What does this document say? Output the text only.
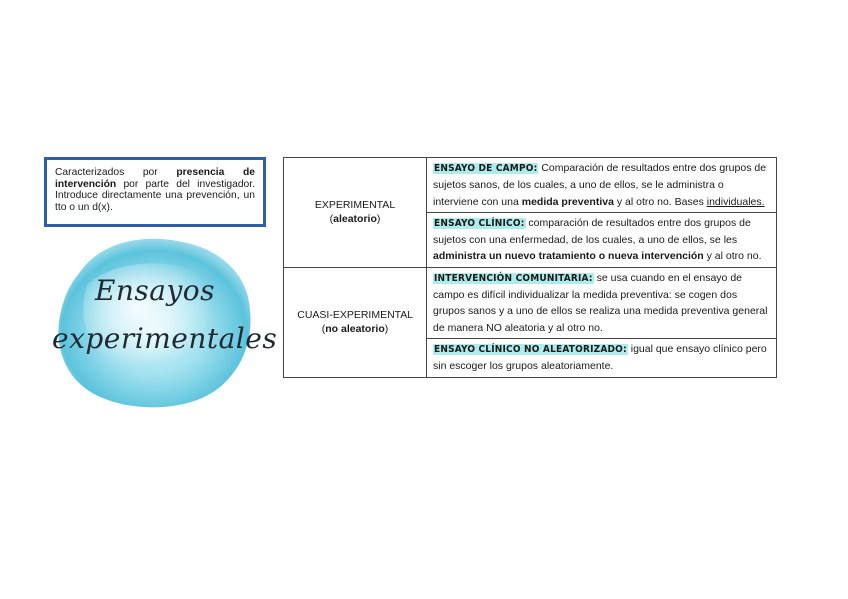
Caracterizados por presencia de intervención por parte del investigador. Introduce directamente una prevención, un tto o un d(x).
Ensayos
experimentales
EXPERIMENTAL
(aleatorio)	ENSAYO DE CAMPO: Comparación de resultados entre dos grupos de sujetos sanos, de los cuales, a uno de ellos, se le administra o interviene con una medida preventiva y al otro no. Bases individuales.
	ENSAYO CLÍNICO: comparación de resultados entre dos grupos de sujetos con una enfermedad, de los cuales, a uno de ellos, se les administra un nuevo tratamiento o nueva intervención y al otro no.
CUASI-EXPERIMENTAL (no aleatorio)	INTERVENCIÓN COMUNITARIA: se usa cuando en el ensayo de campo es difícil individualizar la medida preventiva: se cogen dos grupos sanos y a uno de ellos se realiza una medida preventiva general de manera NO aleatoria y al otro no.
	ENSAYO CLÍNICO NO ALEATORIZADO: igual que ensayo clínico pero sin escoger los grupos aleatoriamente.
